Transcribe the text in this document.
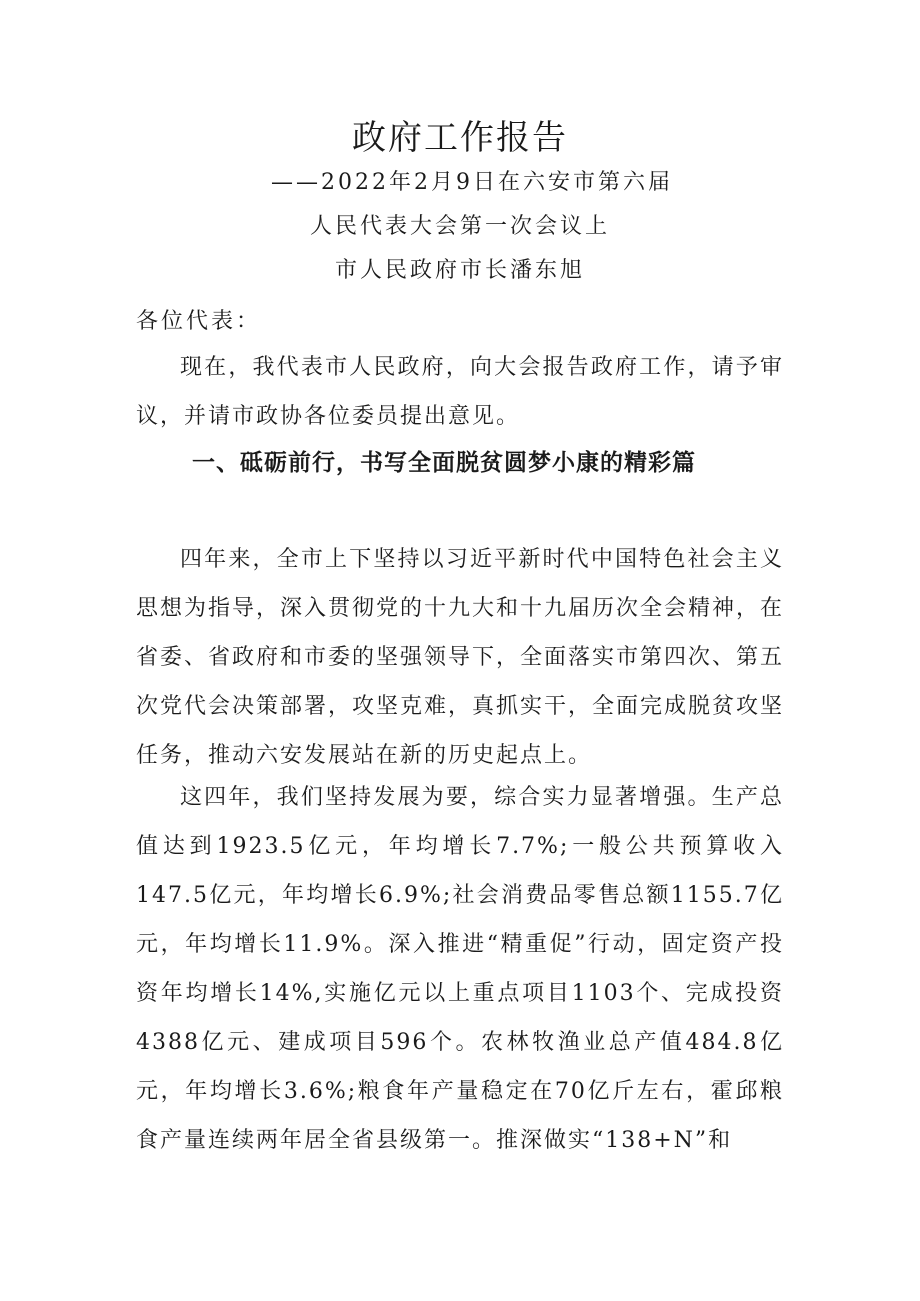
政府工作报告
——2022年2月9日在六安市第六届
人民代表大会第一次会议上
市人民政府市长潘东旭
各位代表：

现在，我代表市人民政府，向大会报告政府工作，请予审议，并请市政协各位委员提出意见。

一、砥砺前行，书写全面脱贫圆梦小康的精彩篇

四年来，全市上下坚持以习近平新时代中国特色社会主义思想为指导，深入贯彻党的十九大和十九届历次全会精神，在省委、省政府和市委的坚强领导下，全面落实市第四次、第五次党代会决策部署，攻坚克难，真抓实干，全面完成脱贫攻坚任务，推动六安发展站在新的历史起点上。

这四年，我们坚持发展为要，综合实力显著增强。生产总值达到1923.5亿元，年均增长7.7%;一般公共预算收入147.5亿元，年均增长6.9%;社会消费品零售总额1155.7亿元，年均增长11.9%。深入推进“精重促”行动，固定资产投资年均增长14%,实施亿元以上重点项目1103个、完成投资4388亿元、建成项目596个。农林牧渔业总产值484.8亿元，年均增长3.6%;粮食年产量稳定在70亿斤左右，霍邱粮食产量连续两年居全省县级第一。推深做实“138+N”和
